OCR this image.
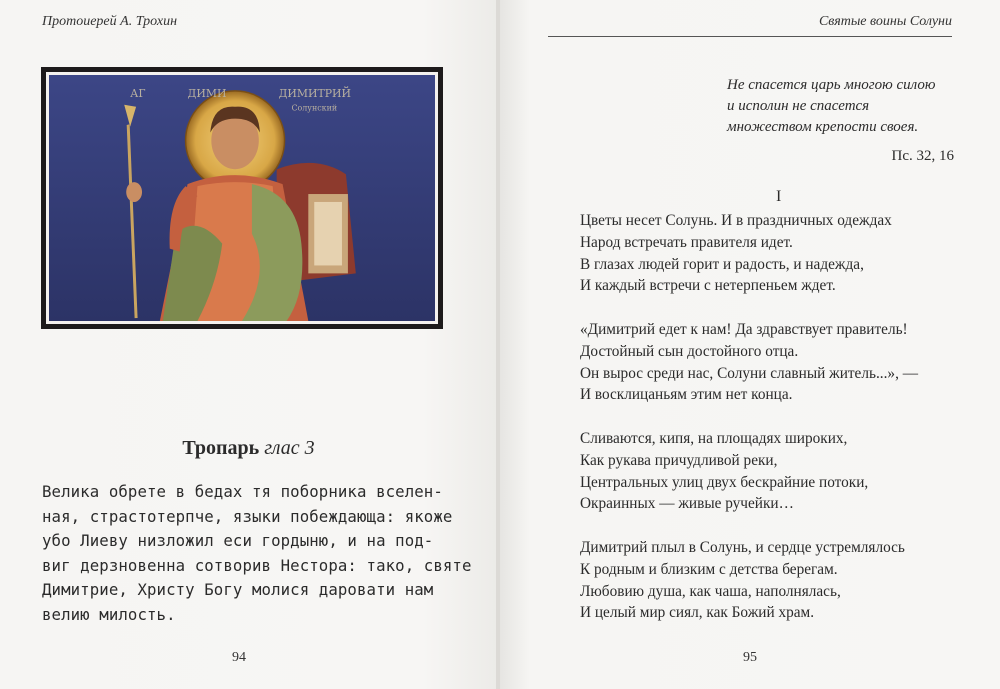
Протоиерей А. Трохин
АГ	ДИМИ	ДИМИТРИЙ
Солунский
Тропарь глас 3
Велика обрете в бедах тя поборника вселен-
ная, страстотерпче, языки побеждающа: якоже
убо Лиеву низложил еси гордыню, и на под-
виг дерзновенна сотворив Нестора: тако, святе
Димитрие, Христу Богу молися даровати нам
велию милость.
94
Святые воины Солуни
Не спасется царь многою силою
и исполин не спасется
множеством крепости своея.
Пс. 32, 16
I
Цветы несет Солунь. И в праздничных одеждах
Народ встречать правителя идет.
В глазах людей горит и радость, и надежда,
И каждый встречи с нетерпеньем ждет.
«Димитрий едет к нам! Да здравствует правитель!
Достойный сын достойного отца.
Он вырос среди нас, Солуни славный житель...», —
И восклицаньям этим нет конца.
Сливаются, кипя, на площадях широких,
Как рукава причудливой реки,
Центральных улиц двух бескрайние потоки,
Окраинных — живые ручейки…
Димитрий плыл в Солунь, и сердце устремлялось
К родным и близким с детства берегам.
Любовию душа, как чаша, наполнялась,
И целый мир сиял, как Божий храм.
95
